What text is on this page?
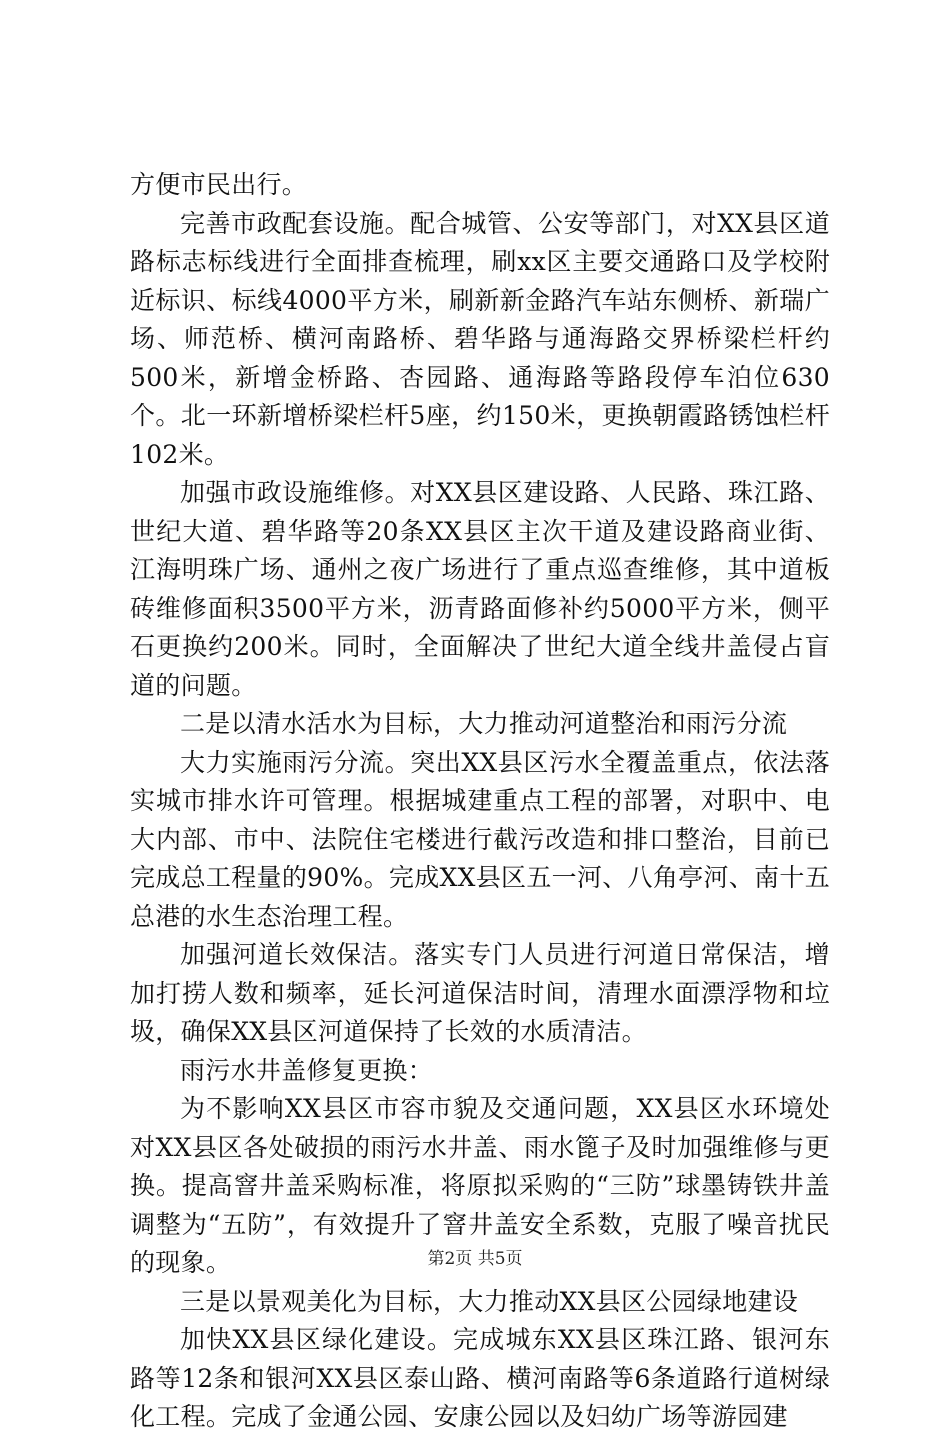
方便市民出行。

完善市政配套设施。配合城管、公安等部门，对XX县区道路标志标线进行全面排查梳理，刷xx区主要交通路口及学校附近标识、标线4000平方米，刷新新金路汽车站东侧桥、新瑞广场、师范桥、横河南路桥、碧华路与通海路交界桥梁栏杆约500米，新增金桥路、杏园路、通海路等路段停车泊位630个。北一环新增桥梁栏杆5座，约150米，更换朝霞路锈蚀栏杆102米。

加强市政设施维修。对XX县区建设路、人民路、珠江路、世纪大道、碧华路等20条XX县区主次干道及建设路商业街、江海明珠广场、通州之夜广场进行了重点巡查维修，其中道板砖维修面积3500平方米，沥青路面修补约5000平方米，侧平石更换约200米。同时，全面解决了世纪大道全线井盖侵占盲道的问题。

二是以清水活水为目标，大力推动河道整治和雨污分流

大力实施雨污分流。突出XX县区污水全覆盖重点，依法落实城市排水许可管理。根据城建重点工程的部署，对职中、电大内部、市中、法院住宅楼进行截污改造和排口整治，目前已完成总工程量的90%。完成XX县区五一河、八角亭河、南十五总港的水生态治理工程。

加强河道长效保洁。落实专门人员进行河道日常保洁，增加打捞人数和频率，延长河道保洁时间，清理水面漂浮物和垃圾，确保XX县区河道保持了长效的水质清洁。

雨污水井盖修复更换：

为不影响XX县区市容市貌及交通问题，XX县区水环境处对XX县区各处破损的雨污水井盖、雨水篦子及时加强维修与更换。提高窨井盖采购标准，将原拟采购的“三防”球墨铸铁井盖调整为“五防”，有效提升了窨井盖安全系数，克服了噪音扰民的现象。

三是以景观美化为目标，大力推动XX县区公园绿地建设

加快XX县区绿化建设。完成城东XX县区珠江路、银河东路等12条和银河XX县区泰山路、横河南路等6条道路行道树绿化工程。完成了金通公园、安康公园以及妇幼广场等游园建

第2页 共5页
